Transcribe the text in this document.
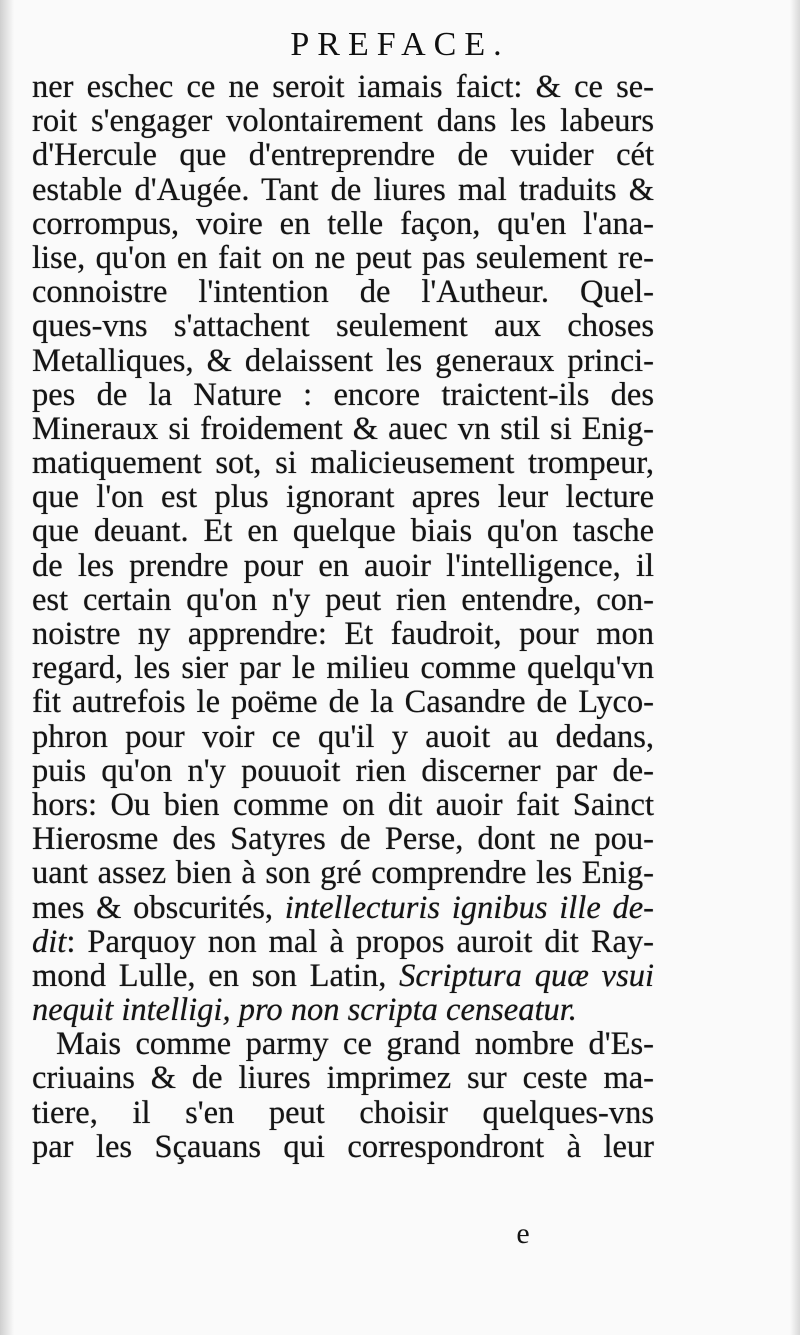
PREFACE.
ner eschec ce ne seroit iamais faict: & ce se-
roit s'engager volontairement dans les labeurs
d'Hercule que d'entreprendre de vuider cét
estable d'Augée. Tant de liures mal traduits &
corrompus, voire en telle façon, qu'en l'ana-
lise, qu'on en fait on ne peut pas seulement re-
connoistre l'intention de l'Autheur. Quel-
ques-vns s'attachent seulement aux choses
Metalliques, & delaissent les generaux princi-
pes de la Nature : encore traictent-ils des
Mineraux si froidement & auec vn stil si Enig-
matiquement sot, si malicieusement trompeur,
que l'on est plus ignorant apres leur lecture
que deuant. Et en quelque biais qu'on tasche
de les prendre pour en auoir l'intelligence, il
est certain qu'on n'y peut rien entendre, con-
noistre ny apprendre: Et faudroit, pour mon
regard, les sier par le milieu comme quelqu'vn
fit autrefois le poëme de la Casandre de Lyco-
phron pour voir ce qu'il y auoit au dedans,
puis qu'on n'y pouuoit rien discerner par de-
hors: Ou bien comme on dit auoir fait Sainct
Hierosme des Satyres de Perse, dont ne pou-
uant assez bien à son gré comprendre les Enig-
mes & obscurités, intellecturis ignibus ille de-
dit: Parquoy non mal à propos auroit dit Ray-
mond Lulle, en son Latin, Scriptura quæ vsui
nequit intelligi, pro non scripta censeatur.
Mais comme parmy ce grand nombre d'Es-
criuains & de liures imprimez sur ceste ma-
tiere, il s'en peut choisir quelques-vns
par les Sçauans qui correspondront à leur
e
